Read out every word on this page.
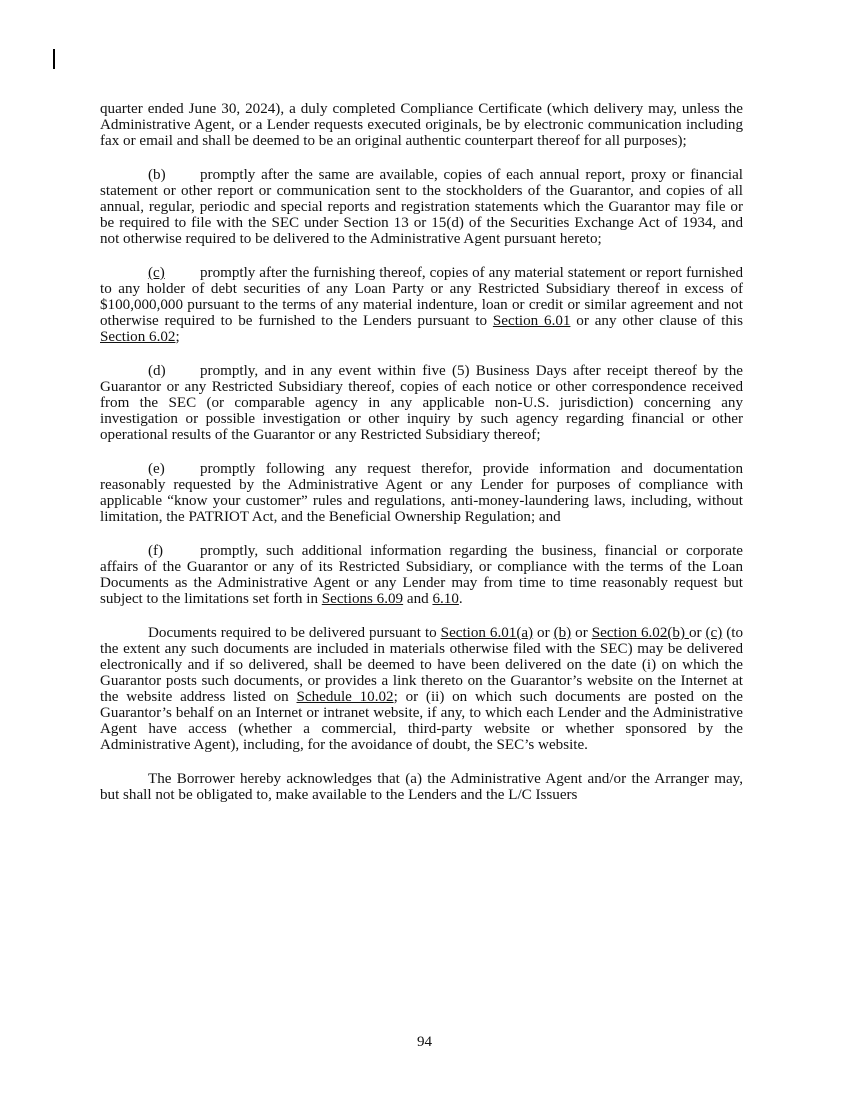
quarter ended June 30, 2024), a duly completed Compliance Certificate (which delivery may, unless the Administrative Agent, or a Lender requests executed originals, be by electronic communication including fax or email and shall be deemed to be an original authentic counterpart thereof for all purposes);

(b) promptly after the same are available, copies of each annual report, proxy or financial statement or other report or communication sent to the stockholders of the Guarantor, and copies of all annual, regular, periodic and special reports and registration statements which the Guarantor may file or be required to file with the SEC under Section 13 or 15(d) of the Securities Exchange Act of 1934, and not otherwise required to be delivered to the Administrative Agent pursuant hereto;

(c) promptly after the furnishing thereof, copies of any material statement or report furnished to any holder of debt securities of any Loan Party or any Restricted Subsidiary thereof in excess of $100,000,000 pursuant to the terms of any material indenture, loan or credit or similar agreement and not otherwise required to be furnished to the Lenders pursuant to Section 6.01 or any other clause of this Section 6.02;

(d) promptly, and in any event within five (5) Business Days after receipt thereof by the Guarantor or any Restricted Subsidiary thereof, copies of each notice or other correspondence received from the SEC (or comparable agency in any applicable non-U.S. jurisdiction) concerning any investigation or possible investigation or other inquiry by such agency regarding financial or other operational results of the Guarantor or any Restricted Subsidiary thereof;

(e) promptly following any request therefor, provide information and documentation reasonably requested by the Administrative Agent or any Lender for purposes of compliance with applicable “know your customer” rules and regulations, anti-money-laundering laws, including, without limitation, the PATRIOT Act, and the Beneficial Ownership Regulation; and

(f) promptly, such additional information regarding the business, financial or corporate affairs of the Guarantor or any of its Restricted Subsidiary, or compliance with the terms of the Loan Documents as the Administrative Agent or any Lender may from time to time reasonably request but subject to the limitations set forth in Sections 6.09 and 6.10.

Documents required to be delivered pursuant to Section 6.01(a) or (b) or Section 6.02(b) or (c) (to the extent any such documents are included in materials otherwise filed with the SEC) may be delivered electronically and if so delivered, shall be deemed to have been delivered on the date (i) on which the Guarantor posts such documents, or provides a link thereto on the Guarantor’s website on the Internet at the website address listed on Schedule 10.02; or (ii) on which such documents are posted on the Guarantor’s behalf on an Internet or intranet website, if any, to which each Lender and the Administrative Agent have access (whether a commercial, third-party website or whether sponsored by the Administrative Agent), including, for the avoidance of doubt, the SEC’s website.

The Borrower hereby acknowledges that (a) the Administrative Agent and/or the Arranger may, but shall not be obligated to, make available to the Lenders and the L/C Issuers

94
